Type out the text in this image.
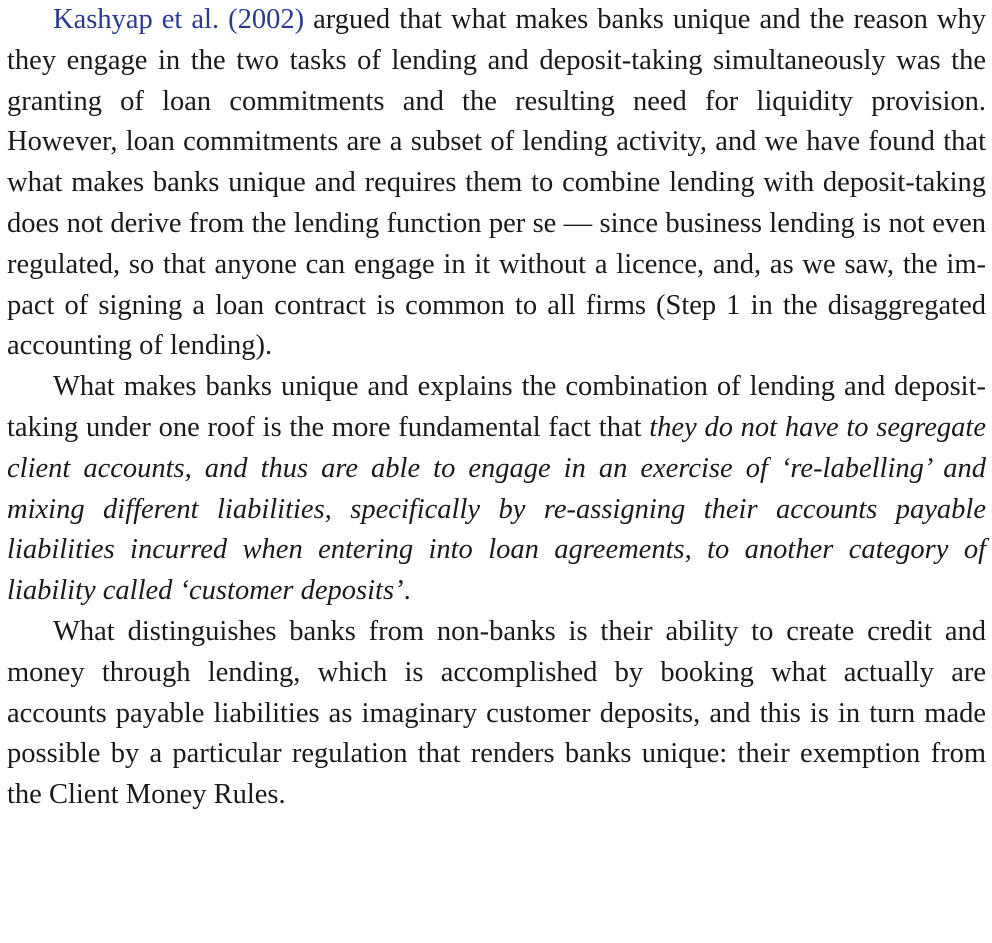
Kashyap et al. (2002) argued that what makes banks unique and the reason why they engage in the two tasks of lending and deposit-taking simultaneously was the granting of loan commitments and the resulting need for liquidity provision. However, loan commitments are a subset of lending activity, and we have found that what makes banks unique and requires them to combine lending with deposit-taking does not derive from the lending function per se — since business lending is not even regulated, so that anyone can engage in it without a licence, and, as we saw, the impact of signing a loan contract is common to all firms (Step 1 in the disaggregated accounting of lending).

What makes banks unique and explains the combination of lending and deposit-taking under one roof is the more fundamental fact that they do not have to segregate client accounts, and thus are able to engage in an exercise of ‘re-labelling’ and mixing different liabilities, specifically by re-assigning their accounts payable liabilities incurred when entering into loan agreements, to another category of liability called ‘customer deposits’.

What distinguishes banks from non-banks is their ability to create credit and money through lending, which is accomplished by booking what actually are accounts payable liabilities as imaginary customer deposits, and this is in turn made possible by a particular regulation that renders banks unique: their exemption from the Client Money Rules.
